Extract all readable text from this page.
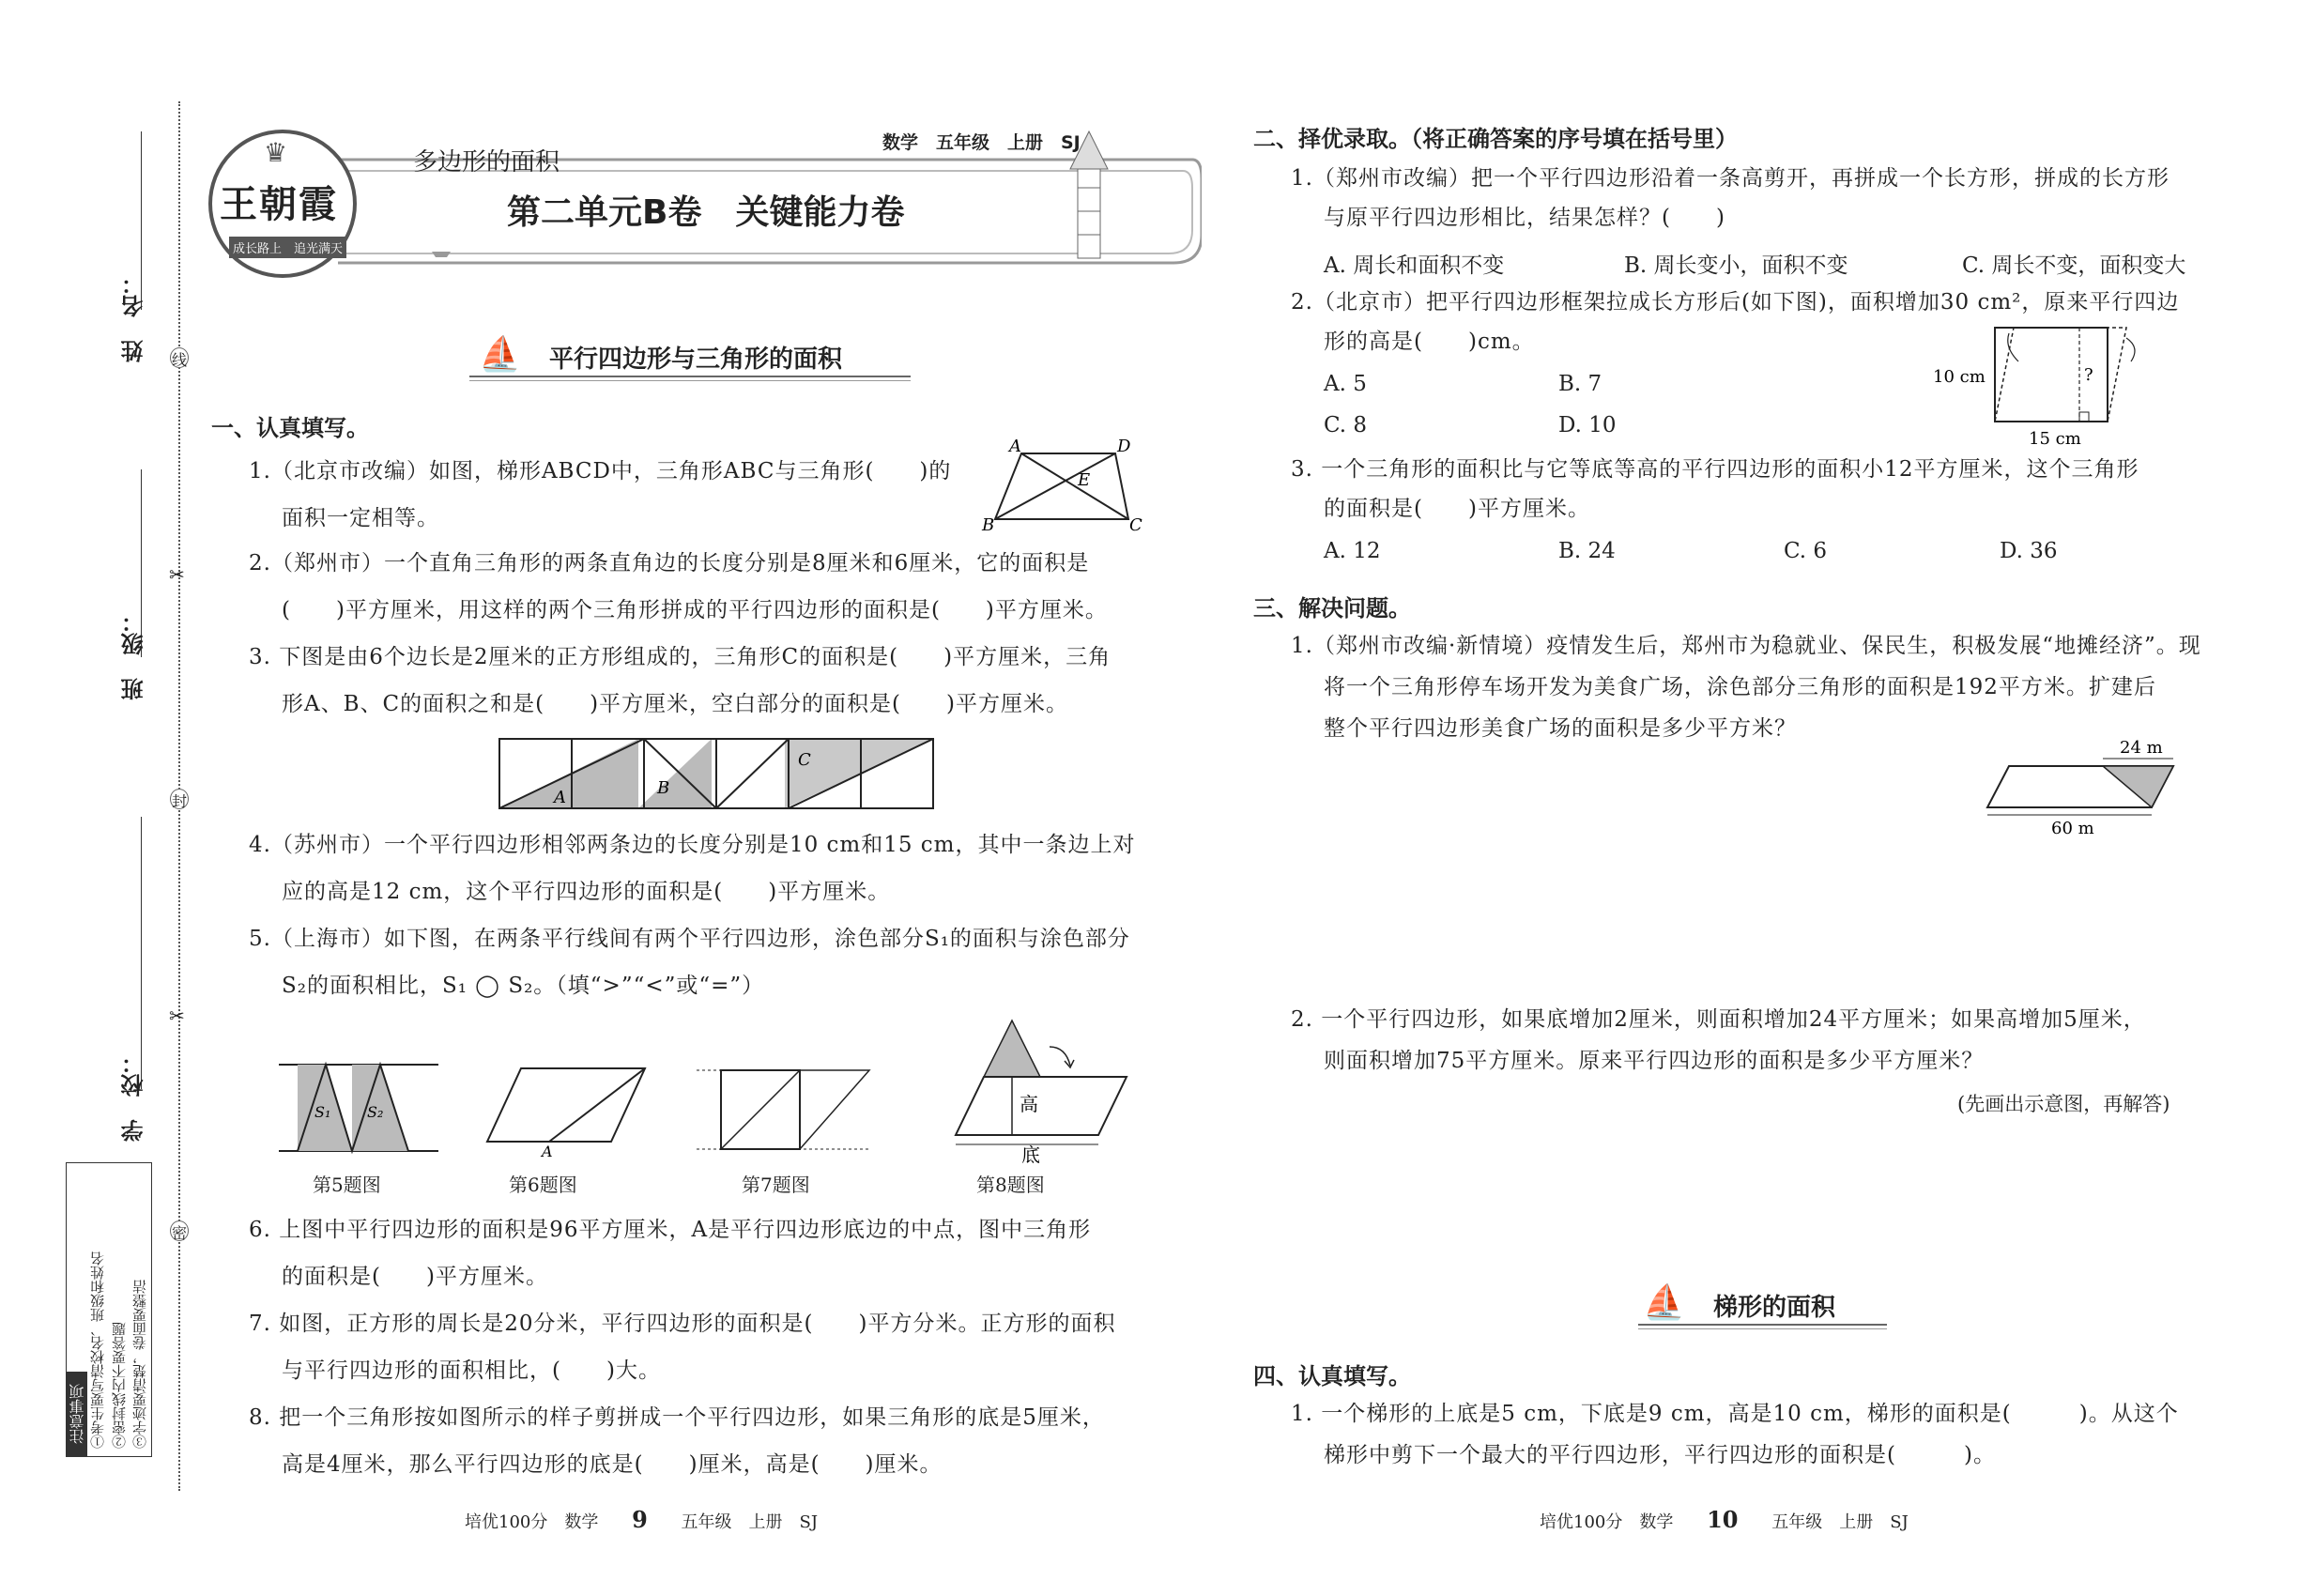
线
封
密
✂
✂
姓　名：
班　级：
学　校：
注意事项 ①考生要写清校名、班级和姓名 ②密封线内不要答题 ③字迹要清楚，卷面要整洁
♛
王朝霞
成长路上　追光满天
多边形的面积
数学　五年级　上册　SJ
第二单元B卷　关键能力卷
⛵ 平行四边形与三角形的面积
一、认真填写。
1.（北京市改编）如图，梯形ABCD中，三角形ABC与三角形(　　)的
面积一定相等。
A	D
B	C
E
2.（郑州市）一个直角三角形的两条直角边的长度分别是8厘米和6厘米，它的面积是
(　　)平方厘米，用这样的两个三角形拼成的平行四边形的面积是(　　)平方厘米。
3. 下图是由6个边长是2厘米的正方形组成的，三角形C的面积是(　　)平方厘米，三角
形A、B、C的面积之和是(　　)平方厘米，空白部分的面积是(　　)平方厘米。
A	B
C
4.（苏州市）一个平行四边形相邻两条边的长度分别是10 cm和15 cm，其中一条边上对
应的高是12 cm，这个平行四边形的面积是(　　)平方厘米。
5.（上海市）如下图，在两条平行线间有两个平行四边形，涂色部分S₁的面积与涂色部分
S₂的面积相比，S₁ ◯ S₂。（填“>”“<”或“=”）
S₁ S₂
A
高
底
第5题图	第6题图	第7题图	第8题图
6. 上图中平行四边形的面积是96平方厘米，A是平行四边形底边的中点，图中三角形
的面积是(　　)平方厘米。
7. 如图，正方形的周长是20分米，平行四边形的面积是(　　)平方分米。正方形的面积
与平行四边形的面积相比，(　　)大。
8. 把一个三角形按如图所示的样子剪拼成一个平行四边形，如果三角形的底是5厘米，
高是4厘米，那么平行四边形的底是(　　)厘米，高是(　　)厘米。
培优100分　数学 9 五年级　上册　SJ
二、择优录取。（将正确答案的序号填在括号里）
1.（郑州市改编）把一个平行四边形沿着一条高剪开，再拼成一个长方形，拼成的长方形
与原平行四边形相比，结果怎样？(　　)
A. 周长和面积不变	B. 周长变小，面积不变	C. 周长不变，面积变大
2.（北京市）把平行四边形框架拉成长方形后(如下图)，面积增加30 cm²，原来平行四边
形的高是(　　)cm。
A. 5	B. 7
C. 8	D. 10
10 cm
15 cm
?
3. 一个三角形的面积比与它等底等高的平行四边形的面积小12平方厘米，这个三角形
的面积是(　　)平方厘米。
A. 12	B. 24	C. 6	D. 36
三、解决问题。
1.（郑州市改编·新情境）疫情发生后，郑州市为稳就业、保民生，积极发展“地摊经济”。现
将一个三角形停车场开发为美食广场，涂色部分三角形的面积是192平方米。扩建后
整个平行四边形美食广场的面积是多少平方米？
24 m
60 m
2. 一个平行四边形，如果底增加2厘米，则面积增加24平方厘米；如果高增加5厘米，
则面积增加75平方厘米。原来平行四边形的面积是多少平方厘米？
(先画出示意图，再解答)
⛵ 梯形的面积
四、认真填写。
1. 一个梯形的上底是5 cm，下底是9 cm，高是10 cm，梯形的面积是(　　　)。从这个
梯形中剪下一个最大的平行四边形，平行四边形的面积是(　　　)。
培优100分　数学 10 五年级　上册　SJ
